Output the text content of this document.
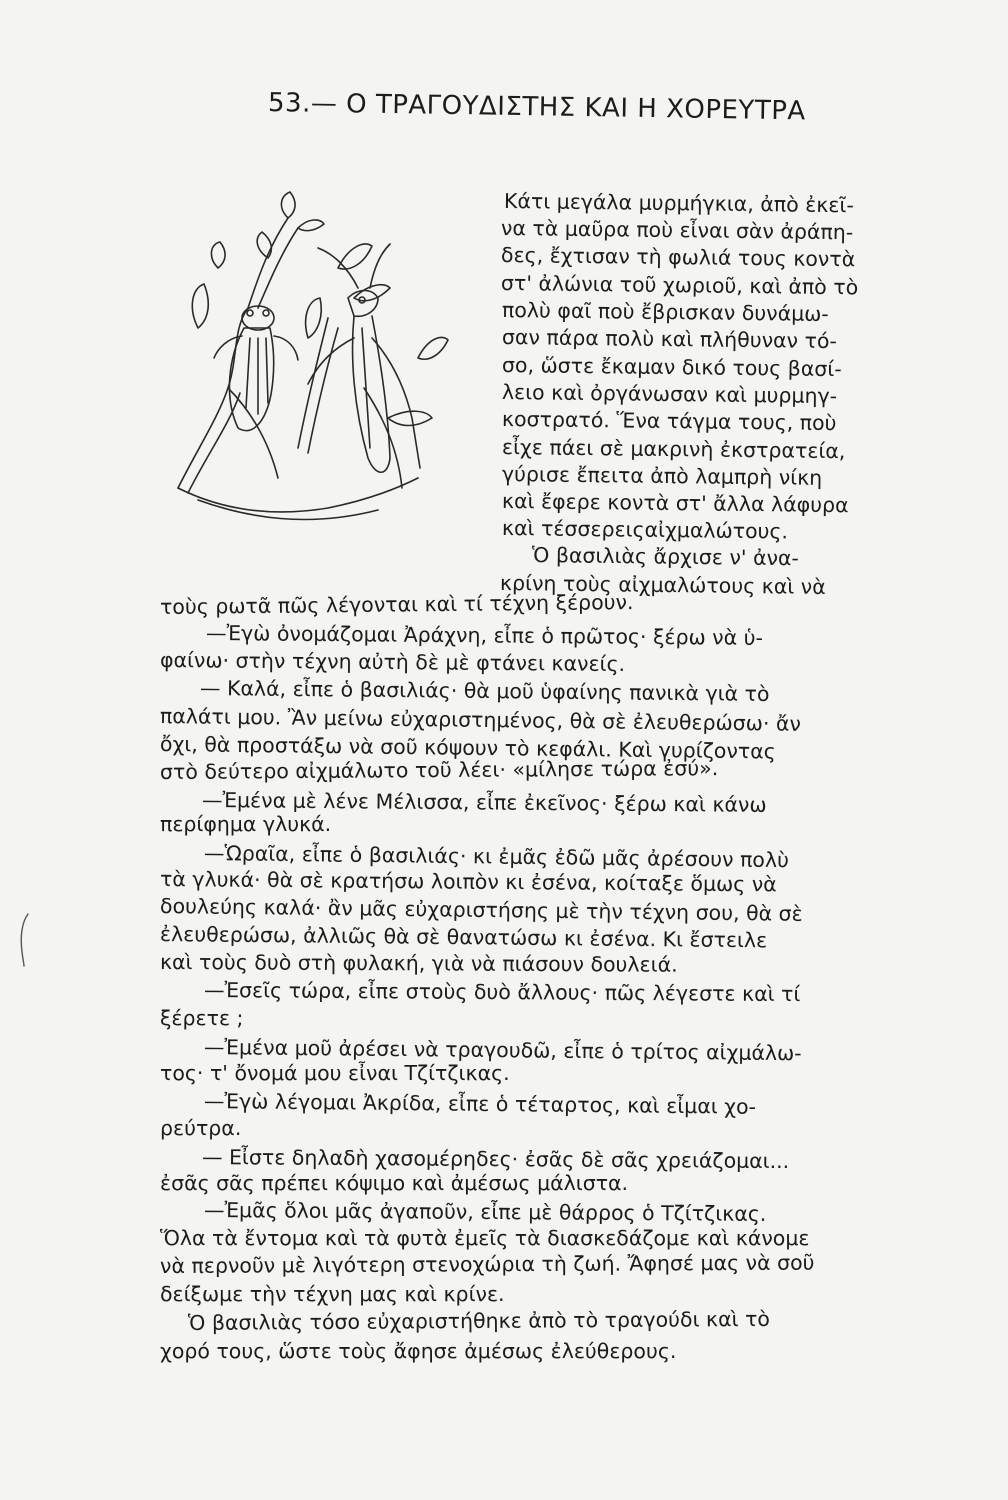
53.— Ο ΤΡΑΓΟΥΔΙΣΤΗΣ ΚΑΙ Η ΧΟΡΕΥΤΡΑ
Κάτι μεγάλα μυρμήγκια, ἀπὸ ἐκεῖ-
να τὰ μαῦρα ποὺ εἶναι σὰν ἀράπη-
δες, ἔχτισαν τὴ φωλιά τους κοντὰ
στ' ἀλώνια τοῦ χωριοῦ, καὶ ἀπὸ τὸ
πολὺ φαῖ ποὺ ἔβρισκαν δυνάμω-
σαν πάρα πολὺ καὶ πλήθυναν τό-
σο, ὥστε ἔκαμαν δικό τους βασί-
λειο καὶ ὀργάνωσαν καὶ μυρμηγ-
κοστρατό. Ἕνα τάγμα τους, ποὺ
εἶχε πάει σὲ μακρινὴ ἐκστρατεία,
γύρισε ἔπειτα ἀπὸ λαμπρὴ νίκη
καὶ ἔφερε κοντὰ στ' ἄλλα λάφυρα
καὶ τέσσερειςαἰχμαλώτους.
Ὁ βασιλιὰς ἄρχισε ν' ἀνα-
κρίνη τοὺς αἰχμαλώτους καὶ νὰ
τοὺς ρωτᾶ πῶς λέγονται καὶ τί τέχνη ξέρουν.
—Ἐγὼ ὀνομάζομαι Ἀράχνη, εἶπε ὁ πρῶτος· ξέρω νὰ ὑ-
φαίνω· στὴν τέχνη αὐτὴ δὲ μὲ φτάνει κανείς.
— Καλά, εἶπε ὁ βασιλιάς· θὰ μοῦ ὑφαίνης πανικὰ γιὰ τὸ
παλάτι μου. Ἂν μείνω εὐχαριστημένος, θὰ σὲ ἐλευθερώσω· ἄν
ὄχι, θὰ προστάξω νὰ σοῦ κόψουν τὸ κεφάλι. Καὶ γυρίζοντας
στὸ δεύτερο αἰχμάλωτο τοῦ λέει· «μίλησε τώρα ἐσύ».
—Ἐμένα μὲ λένε Μέλισσα, εἶπε ἐκεῖνος· ξέρω καὶ κάνω
περίφημα γλυκά.
—Ὡραῖα, εἶπε ὁ βασιλιάς· κι ἐμᾶς ἐδῶ μᾶς ἀρέσουν πολὺ
τὰ γλυκά· θὰ σὲ κρατήσω λοιπὸν κι ἐσένα, κοίταξε ὅμως νὰ
δουλεύης καλά· ἂν μᾶς εὐχαριστήσης μὲ τὴν τέχνη σου, θὰ σὲ
ἐλευθερώσω, ἀλλιῶς θὰ σὲ θανατώσω κι ἐσένα. Κι ἔστειλε
καὶ τοὺς δυὸ στὴ φυλακή, γιὰ νὰ πιάσουν δουλειά.
—Ἐσεῖς τώρα, εἶπε στοὺς δυὸ ἄλλους· πῶς λέγεστε καὶ τί
ξέρετε ;
—Ἐμένα μοῦ ἀρέσει νὰ τραγουδῶ, εἶπε ὁ τρίτος αἰχμάλω-
τος· τ' ὄνομά μου εἶναι Τζίτζικας.
—Ἐγὼ λέγομαι Ἀκρίδα, εἶπε ὁ τέταρτος, καὶ εἶμαι χο-
ρεύτρα.
— Εἶστε δηλαδὴ χασομέρηδες· ἐσᾶς δὲ σᾶς χρειάζομαι...
ἐσᾶς σᾶς πρέπει κόψιμο καὶ ἀμέσως μάλιστα.
—Ἐμᾶς ὅλοι μᾶς ἀγαποῦν, εἶπε μὲ θάρρος ὁ Τζίτζικας.
Ὅλα τὰ ἔντομα καὶ τὰ φυτὰ ἐμεῖς τὰ διασκεδάζομε καὶ κάνομε
νὰ περνοῦν μὲ λιγότερη στενοχώρια τὴ ζωή. Ἄφησέ μας νὰ σοῦ
δείξωμε τὴν τέχνη μας καὶ κρίνε.
Ὁ βασιλιὰς τόσο εὐχαριστήθηκε ἀπὸ τὸ τραγούδι καὶ τὸ
χορό τους, ὥστε τοὺς ἄφησε ἀμέσως ἐλεύθερους.
